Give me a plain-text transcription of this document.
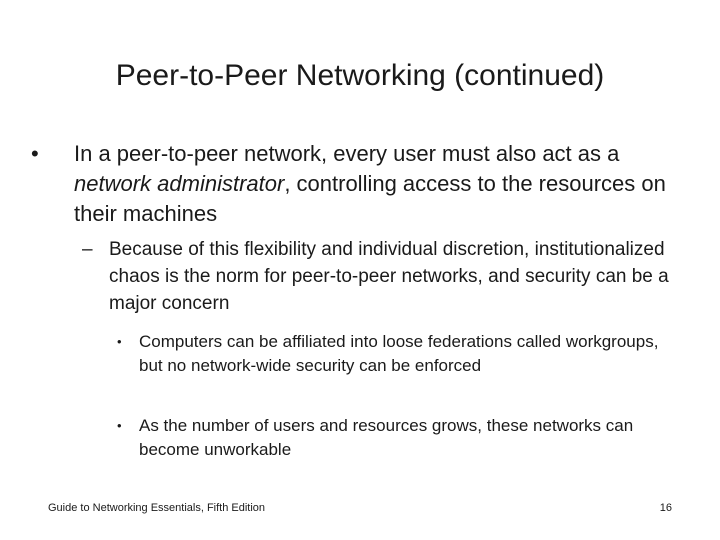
Peer-to-Peer Networking (continued)
• In a peer-to-peer network, every user must also act as a network administrator, controlling access to the resources on their machines
– Because of this flexibility and individual discretion, institutionalized chaos is the norm for peer-to-peer networks, and security can be a major concern
• Computers can be affiliated into loose federations called workgroups, but no network-wide security can be enforced
• As the number of users and resources grows, these networks can become unworkable
Guide to Networking Essentials, Fifth Edition	16
